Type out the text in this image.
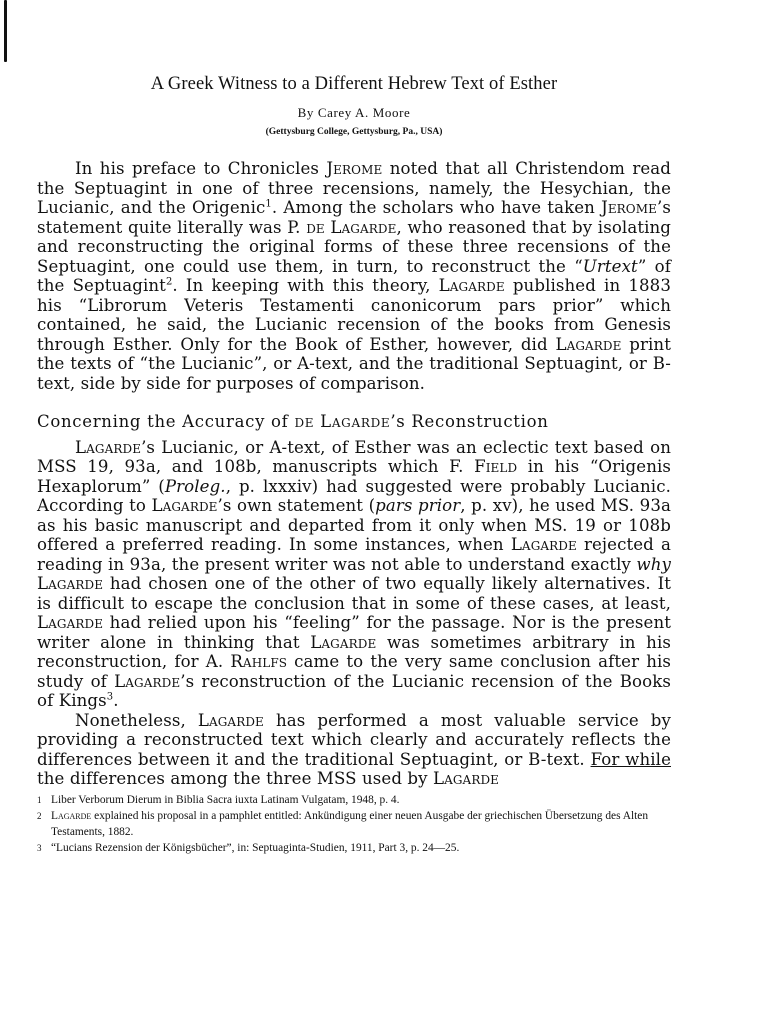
A Greek Witness to a Different Hebrew Text of Esther
By Carey A. Moore
(Gettysburg College, Gettysburg, Pa., USA)

In his preface to Chronicles Jerome noted that all Christendom read the Septuagint in one of three recensions, namely, the Hesychian, the Lucianic, and the Origenic$^1$. Among the scholars who have taken Jerome’s statement quite literally was P. de Lagarde, who reasoned that by isolating and reconstructing the original forms of these three recensions of the Septuagint, one could use them, in turn, to reconstruct the “Urtext” of the Septuagint$^2$. In keeping with this theory, Lagarde published in 1883 his “Librorum Veteris Testamenti canonicorum pars prior” which contained, he said, the Lucianic recension of the books from Genesis through Esther. Only for the Book of Esther, however, did Lagarde print the texts of “the Lucianic”, or A-text, and the traditional Septuagint, or B-text, side by side for purposes of comparison.

Concerning the Accuracy of de Lagarde’s Reconstruction

Lagarde’s Lucianic, or A-text, of Esther was an eclectic text based on MSS 19, 93a, and 108b, manuscripts which F. Field in his “Origenis Hexaplorum” (Proleg., p. lxxxiv) had suggested were probably Lucianic. According to Lagarde’s own statement (pars prior, p. xv), he used MS. 93a as his basic manuscript and departed from it only when MS. 19 or 108b offered a preferred reading. In some instances, when Lagarde rejected a reading in 93a, the present writer was not able to understand exactly why Lagarde had chosen one of the other of two equally likely alternatives. It is difficult to escape the conclusion that in some of these cases, at least, Lagarde had relied upon his “feeling” for the passage. Nor is the present writer alone in thinking that Lagarde was sometimes arbitrary in his reconstruction, for A. Rahlfs came to the very same conclusion after his study of Lagarde’s reconstruction of the Lucianic recension of the Books of Kings$^3$.

Nonetheless, Lagarde has performed a most valuable service by providing a reconstructed text which clearly and accurately reflects the differences between it and the traditional Septuagint, or B-text. For while the differences among the three MSS used by Lagarde

1 Liber Verborum Dierum in Biblia Sacra iuxta Latinam Vulgatam, 1948, p. 4.
2 Lagarde explained his proposal in a pamphlet entitled: Ankündigung einer neuen Ausgabe der griechischen Übersetzung des Alten Testaments, 1882.
3 “Lucians Rezension der Königsbücher”, in: Septuaginta-Studien, 1911, Part 3, p. 24—25.
